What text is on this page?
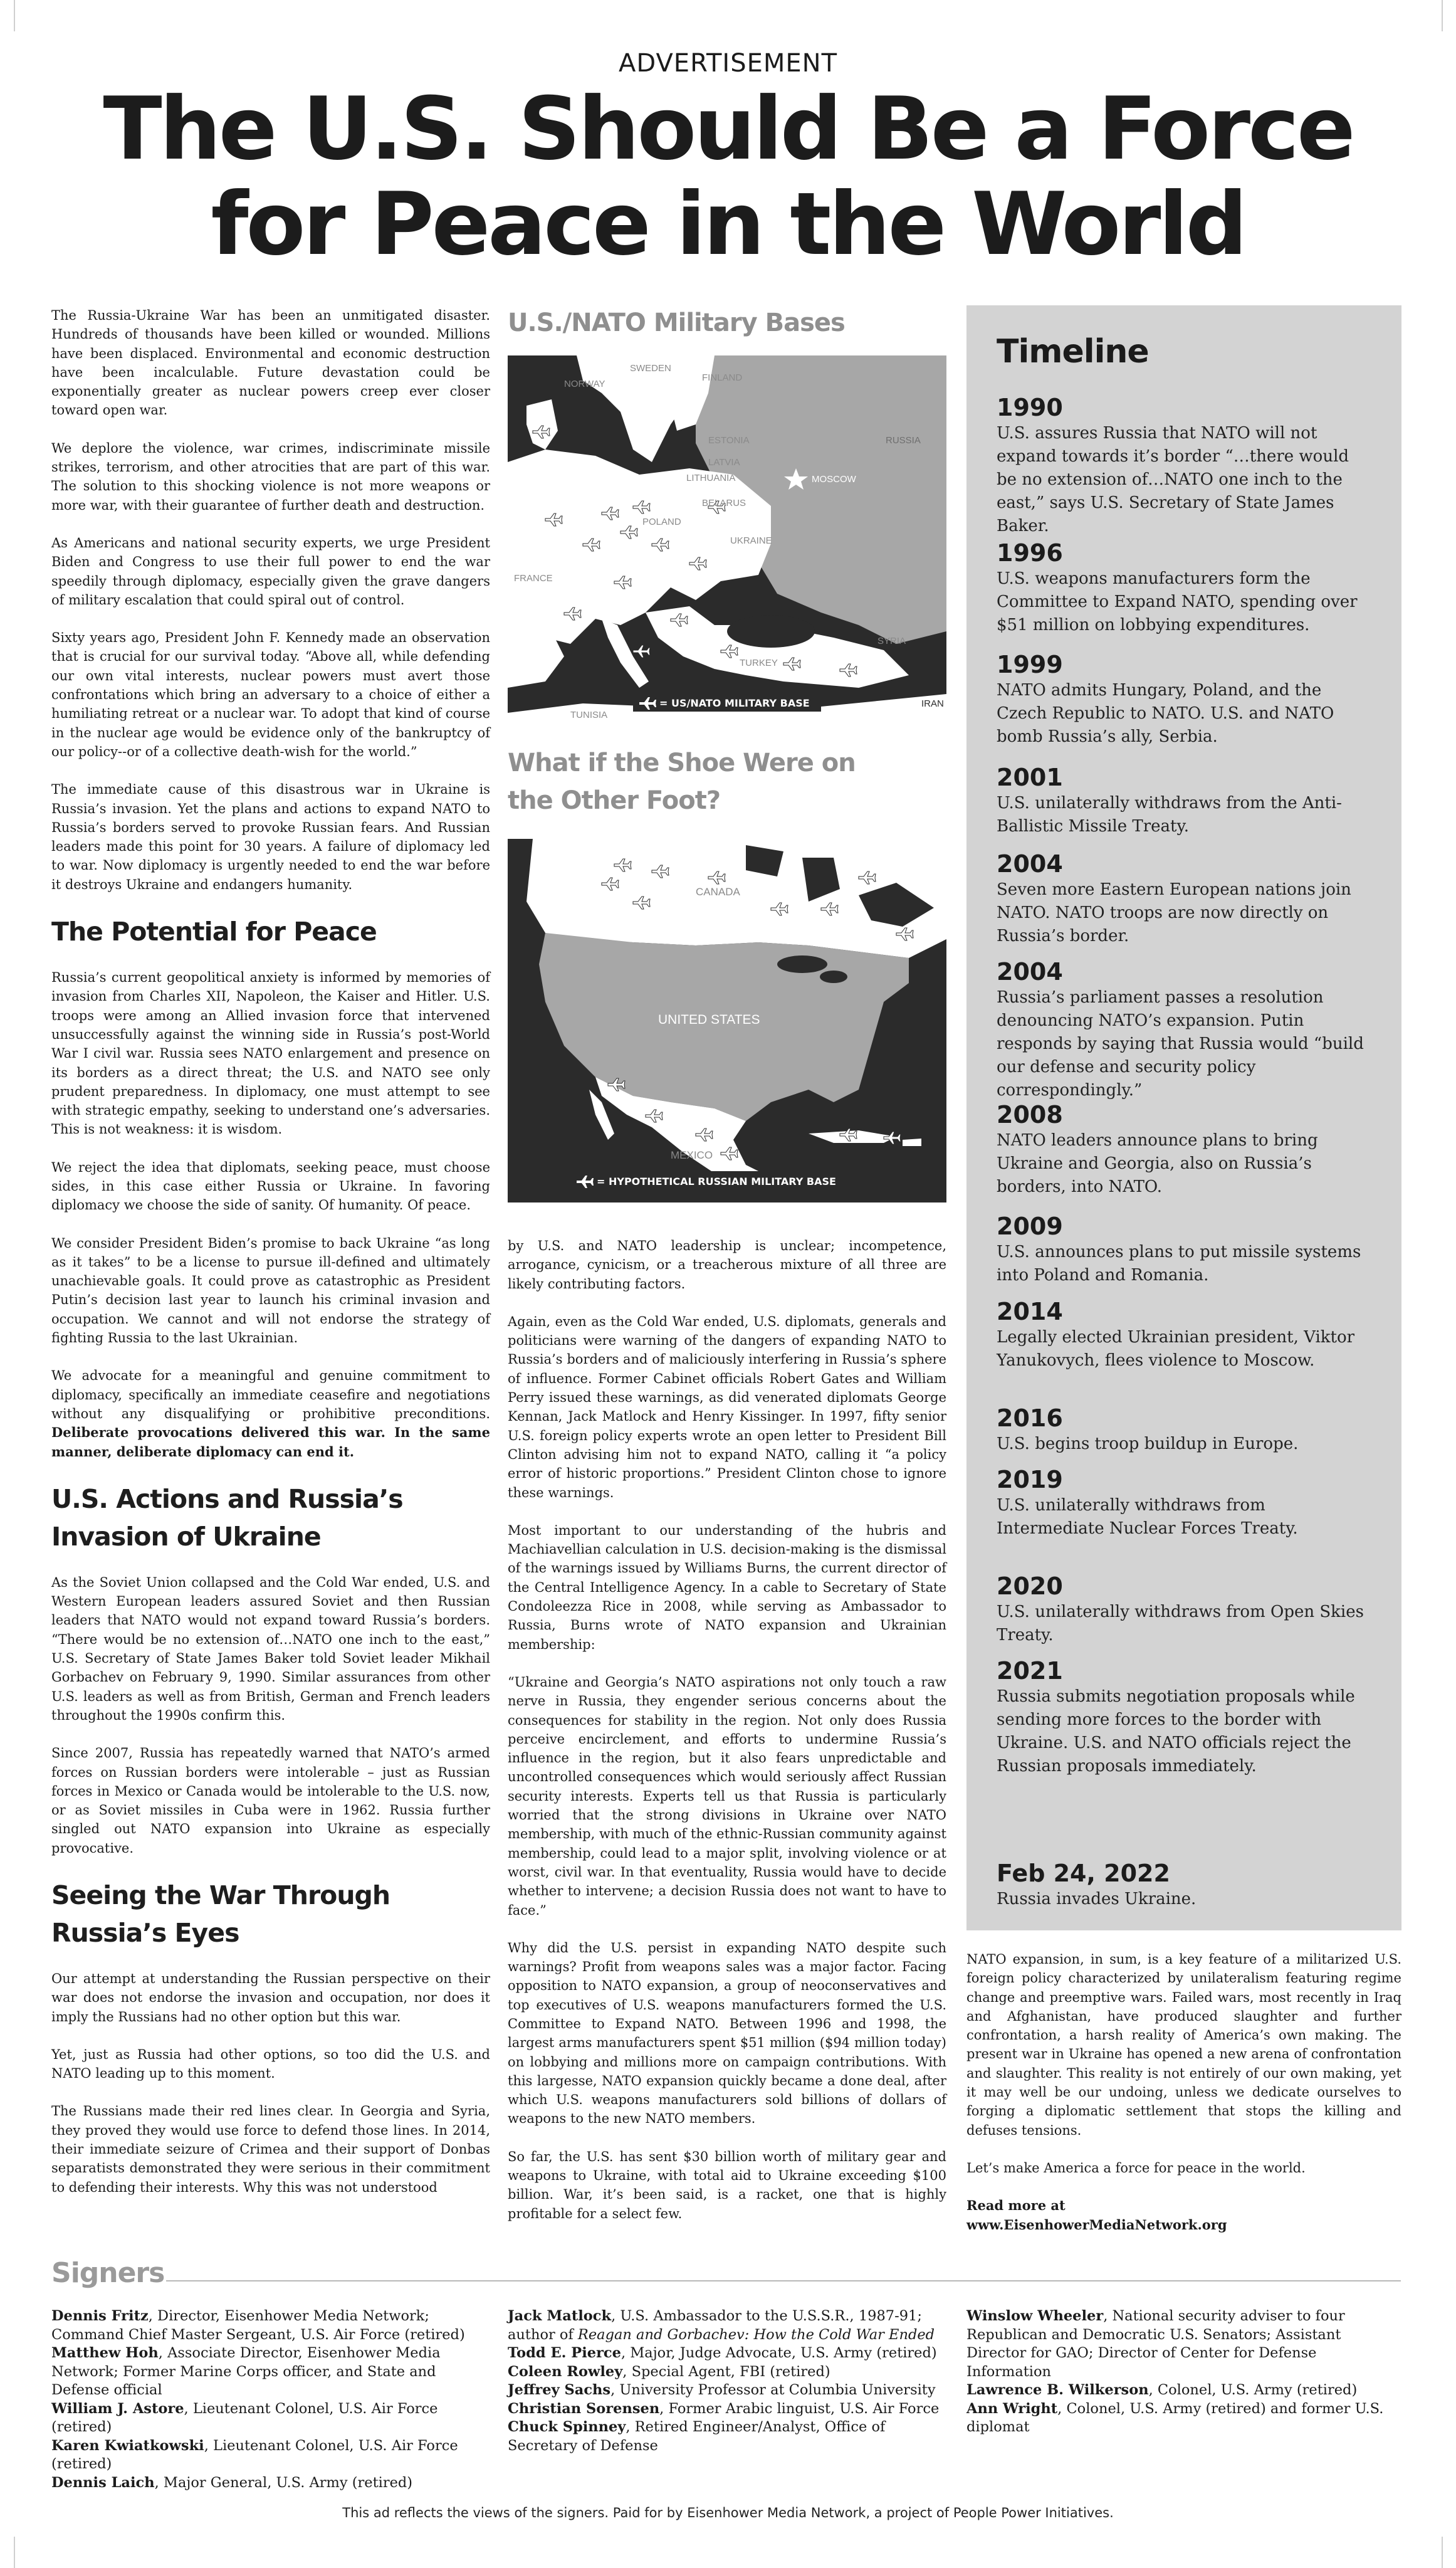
ADVERTISEMENT
The U.S. Should Be a Force
for Peace in the World

The Russia-Ukraine War has been an unmitigated disaster. Hundreds of thousands have been killed or wounded. Millions have been displaced. Environmental and economic destruction have been incalculable. Future devastation could be exponentially greater as nuclear powers creep ever closer toward open war.

We deplore the violence, war crimes, indiscriminate missile strikes, terrorism, and other atrocities that are part of this war. The solution to this shocking violence is not more weapons or more war, with their guarantee of further death and destruction.

As Americans and national security experts, we urge President Biden and Congress to use their full power to end the war speedily through diplomacy, especially given the grave dangers of military escalation that could spiral out of control.

Sixty years ago, President John F. Kennedy made an observation that is crucial for our survival today. “Above all, while defending our own vital interests, nuclear powers must avert those confrontations which bring an adversary to a choice of either a humiliating retreat or a nuclear war. To adopt that kind of course in the nuclear age would be evidence only of the bankruptcy of our policy--or of a collective death-wish for the world.”

The immediate cause of this disastrous war in Ukraine is Russia’s invasion. Yet the plans and actions to expand NATO to Russia’s borders served to provoke Russian fears. And Russian leaders made this point for 30 years. A failure of diplomacy led to war. Now diplomacy is urgently needed to end the war before it destroys Ukraine and endangers humanity.

The Potential for Peace

Russia’s current geopolitical anxiety is informed by memories of invasion from Charles XII, Napoleon, the Kaiser and Hitler. U.S. troops were among an Allied invasion force that intervened unsuccessfully against the winning side in Russia’s post-World War I civil war. Russia sees NATO enlargement and presence on its borders as a direct threat; the U.S. and NATO see only prudent preparedness. In diplomacy, one must attempt to see with strategic empathy, seeking to understand one’s adversaries. This is not weakness: it is wisdom.

We reject the idea that diplomats, seeking peace, must choose sides, in this case either Russia or Ukraine. In favoring diplomacy we choose the side of sanity. Of humanity. Of peace.

We consider President Biden’s promise to back Ukraine “as long as it takes” to be a license to pursue ill-defined and ultimately unachievable goals. It could prove as catastrophic as President Putin’s decision last year to launch his criminal invasion and occupation. We cannot and will not endorse the strategy of fighting Russia to the last Ukrainian.

We advocate for a meaningful and genuine commitment to diplomacy, specifically an immediate ceasefire and negotiations without any disqualifying or prohibitive preconditions. Deliberate provocations delivered this war. In the same manner, deliberate diplomacy can end it.

U.S. Actions and Russia’s Invasion of Ukraine

As the Soviet Union collapsed and the Cold War ended, U.S. and Western European leaders assured Soviet and then Russian leaders that NATO would not expand toward Russia’s borders. “There would be no extension of…NATO one inch to the east,” U.S. Secretary of State James Baker told Soviet leader Mikhail Gorbachev on February 9, 1990. Similar assurances from other U.S. leaders as well as from British, German and French leaders throughout the 1990s confirm this.

Since 2007, Russia has repeatedly warned that NATO’s armed forces on Russian borders were intolerable – just as Russian forces in Mexico or Canada would be intolerable to the U.S. now, or as Soviet missiles in Cuba were in 1962. Russia further singled out NATO expansion into Ukraine as especially provocative.

Seeing the War Through Russia’s Eyes

Our attempt at understanding the Russian perspective on their war does not endorse the invasion and occupation, nor does it imply the Russians had no other option but this war.

Yet, just as Russia had other options, so too did the U.S. and NATO leading up to this moment.

The Russians made their red lines clear. In Georgia and Syria, they proved they would use force to defend those lines. In 2014, their immediate seizure of Crimea and their support of Donbas separatists demonstrated they were serious in their commitment to defending their interests. Why this was not understood

U.S./NATO Military Bases
NORWAY
SWEDEN
FINLAND
ESTONIA
LATVIA
LITHUANIA
RUSSIA
MOSCOW
POLAND
BELARUS
UKRAINE
FRANCE
TURKEY
IRAN
TUNISIA
SYRIA
= US/NATO MILITARY BASE
What if the Shoe Were on
the Other Foot?
CANADA
UNITED STATES
MEXICO
= HYPOTHETICAL RUSSIAN MILITARY BASE

by U.S. and NATO leadership is unclear; incompetence, arrogance, cynicism, or a treacherous mixture of all three are likely contributing factors.

Again, even as the Cold War ended, U.S. diplomats, generals and politicians were warning of the dangers of expanding NATO to Russia’s borders and of maliciously interfering in Russia’s sphere of influence. Former Cabinet officials Robert Gates and William Perry issued these warnings, as did venerated diplomats George Kennan, Jack Matlock and Henry Kissinger. In 1997, fifty senior U.S. foreign policy experts wrote an open letter to President Bill Clinton advising him not to expand NATO, calling it “a policy error of historic proportions.” President Clinton chose to ignore these warnings.

Most important to our understanding of the hubris and Machiavellian calculation in U.S. decision-making is the dismissal of the warnings issued by Williams Burns, the current director of the Central Intelligence Agency. In a cable to Secretary of State Condoleezza Rice in 2008, while serving as Ambassador to Russia, Burns wrote of NATO expansion and Ukrainian membership:

“Ukraine and Georgia’s NATO aspirations not only touch a raw nerve in Russia, they engender serious concerns about the consequences for stability in the region. Not only does Russia perceive encirclement, and efforts to undermine Russia’s influence in the region, but it also fears unpredictable and uncontrolled consequences which would seriously affect Russian security interests. Experts tell us that Russia is particularly worried that the strong divisions in Ukraine over NATO membership, with much of the ethnic-Russian community against membership, could lead to a major split, involving violence or at worst, civil war. In that eventuality, Russia would have to decide whether to intervene; a decision Russia does not want to have to face.”

Why did the U.S. persist in expanding NATO despite such warnings? Profit from weapons sales was a major factor. Facing opposition to NATO expansion, a group of neoconservatives and top executives of U.S. weapons manufacturers formed the U.S. Committee to Expand NATO. Between 1996 and 1998, the largest arms manufacturers spent $51 million ($94 million today) on lobbying and millions more on campaign contributions. With this largesse, NATO expansion quickly became a done deal, after which U.S. weapons manufacturers sold billions of dollars of weapons to the new NATO members.

So far, the U.S. has sent $30 billion worth of military gear and weapons to Ukraine, with total aid to Ukraine exceeding $100 billion. War, it’s been said, is a racket, one that is highly profitable for a select few.

Timeline
1990
U.S. assures Russia that NATO will not expand towards it’s border “…there would be no extension of…NATO one inch to the east,” says U.S. Secretary of State James Baker.
1996
U.S. weapons manufacturers form the Committee to Expand NATO, spending over $51 million on lobbying expenditures.
1999
NATO admits Hungary, Poland, and the Czech Republic to NATO. U.S. and NATO bomb Russia’s ally, Serbia.
2001
U.S. unilaterally withdraws from the Anti-Ballistic Missile Treaty.
2004
Seven more Eastern European nations join NATO. NATO troops are now directly on Russia’s border.
2004
Russia’s parliament passes a resolution denouncing NATO’s expansion. Putin responds by saying that Russia would “build our defense and security policy correspondingly.”
2008
NATO leaders announce plans to bring Ukraine and Georgia, also on Russia’s borders, into NATO.
2009
U.S. announces plans to put missile systems into Poland and Romania.
2014
Legally elected Ukrainian president, Viktor Yanukovych, flees violence to Moscow.
2016
U.S. begins troop buildup in Europe.
2019
U.S. unilaterally withdraws from Intermediate Nuclear Forces Treaty.
2020
U.S. unilaterally withdraws from Open Skies Treaty.
2021
Russia submits negotiation proposals while sending more forces to the border with Ukraine. U.S. and NATO officials reject the Russian proposals immediately.
Feb 24, 2022
Russia invades Ukraine.

NATO expansion, in sum, is a key feature of a militarized U.S. foreign policy characterized by unilateralism featuring regime change and preemptive wars. Failed wars, most recently in Iraq and Afghanistan, have produced slaughter and further confrontation, a harsh reality of America’s own making. The present war in Ukraine has opened a new arena of confrontation and slaughter. This reality is not entirely of our own making, yet it may well be our undoing, unless we dedicate ourselves to forging a diplomatic settlement that stops the killing and defuses tensions.

Let’s make America a force for peace in the world.

Read more at
www.EisenhowerMediaNetwork.org

Signers
Dennis Fritz, Director, Eisenhower Media Network; Command Chief Master Sergeant, U.S. Air Force (retired)
Matthew Hoh, Associate Director, Eisenhower Media Network; Former Marine Corps officer, and State and Defense official
William J. Astore, Lieutenant Colonel, U.S. Air Force (retired)
Karen Kwiatkowski, Lieutenant Colonel, U.S. Air Force (retired)
Dennis Laich, Major General, U.S. Army (retired)
Jack Matlock, U.S. Ambassador to the U.S.S.R., 1987-91; author of Reagan and Gorbachev: How the Cold War Ended
Todd E. Pierce, Major, Judge Advocate, U.S. Army (retired)
Coleen Rowley, Special Agent, FBI (retired)
Jeffrey Sachs, University Professor at Columbia University
Christian Sorensen, Former Arabic linguist, U.S. Air Force
Chuck Spinney, Retired Engineer/Analyst, Office of Secretary of Defense
Winslow Wheeler, National security adviser to four Republican and Democratic U.S. Senators; Assistant Director for GAO; Director of Center for Defense Information
Lawrence B. Wilkerson, Colonel, U.S. Army (retired)
Ann Wright, Colonel, U.S. Army (retired) and former U.S. diplomat
This ad reflects the views of the signers. Paid for by Eisenhower Media Network, a project of People Power Initiatives.
